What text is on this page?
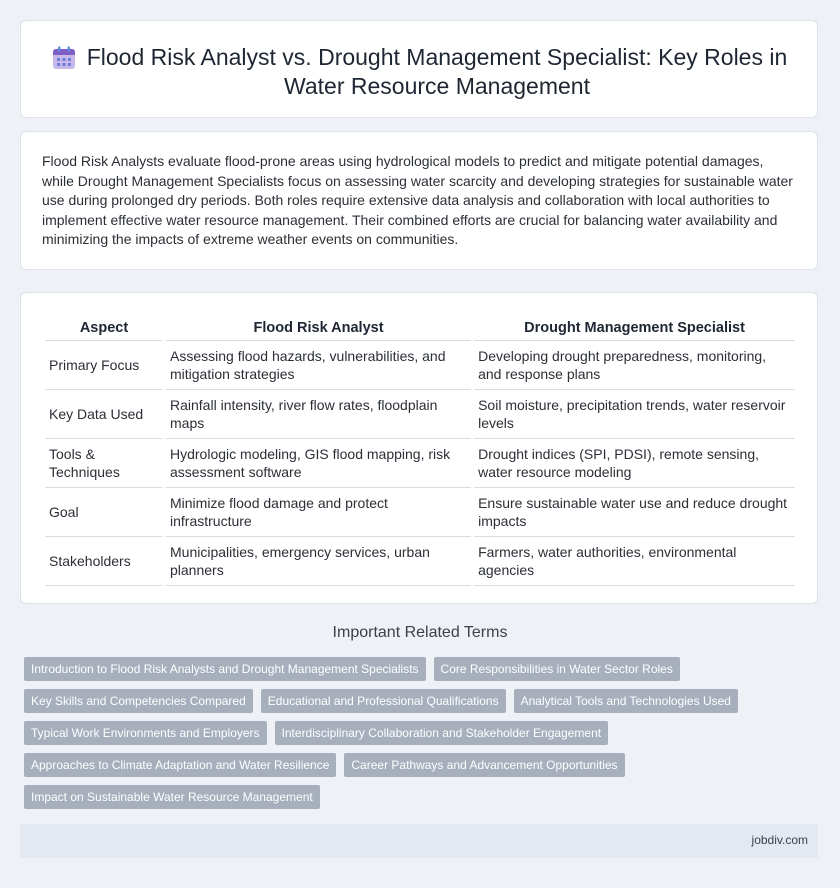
Flood Risk Analyst vs. Drought Management Specialist: Key Roles in Water Resource Management

Flood Risk Analysts evaluate flood-prone areas using hydrological models to predict and mitigate potential damages, while Drought Management Specialists focus on assessing water scarcity and developing strategies for sustainable water use during prolonged dry periods. Both roles require extensive data analysis and collaboration with local authorities to implement effective water resource management. Their combined efforts are crucial for balancing water availability and minimizing the impacts of extreme weather events on communities.

Aspect	Flood Risk Analyst	Drought Management Specialist
Primary Focus	Assessing flood hazards, vulnerabilities, and mitigation strategies	Developing drought preparedness, monitoring, and response plans
Key Data Used	Rainfall intensity, river flow rates, floodplain maps	Soil moisture, precipitation trends, water reservoir levels
Tools & Techniques	Hydrologic modeling, GIS flood mapping, risk assessment software	Drought indices (SPI, PDSI), remote sensing, water resource modeling
Goal	Minimize flood damage and protect infrastructure	Ensure sustainable water use and reduce drought impacts
Stakeholders	Municipalities, emergency services, urban planners	Farmers, water authorities, environmental agencies
Important Related Terms
Introduction to Flood Risk Analysts and Drought Management Specialists	Core Responsibilities in Water Sector Roles
Key Skills and Competencies Compared	Educational and Professional Qualifications	Analytical Tools and Technologies Used
Typical Work Environments and Employers	Interdisciplinary Collaboration and Stakeholder Engagement
Approaches to Climate Adaptation and Water Resilience	Career Pathways and Advancement Opportunities
Impact on Sustainable Water Resource Management
jobdiv.com
